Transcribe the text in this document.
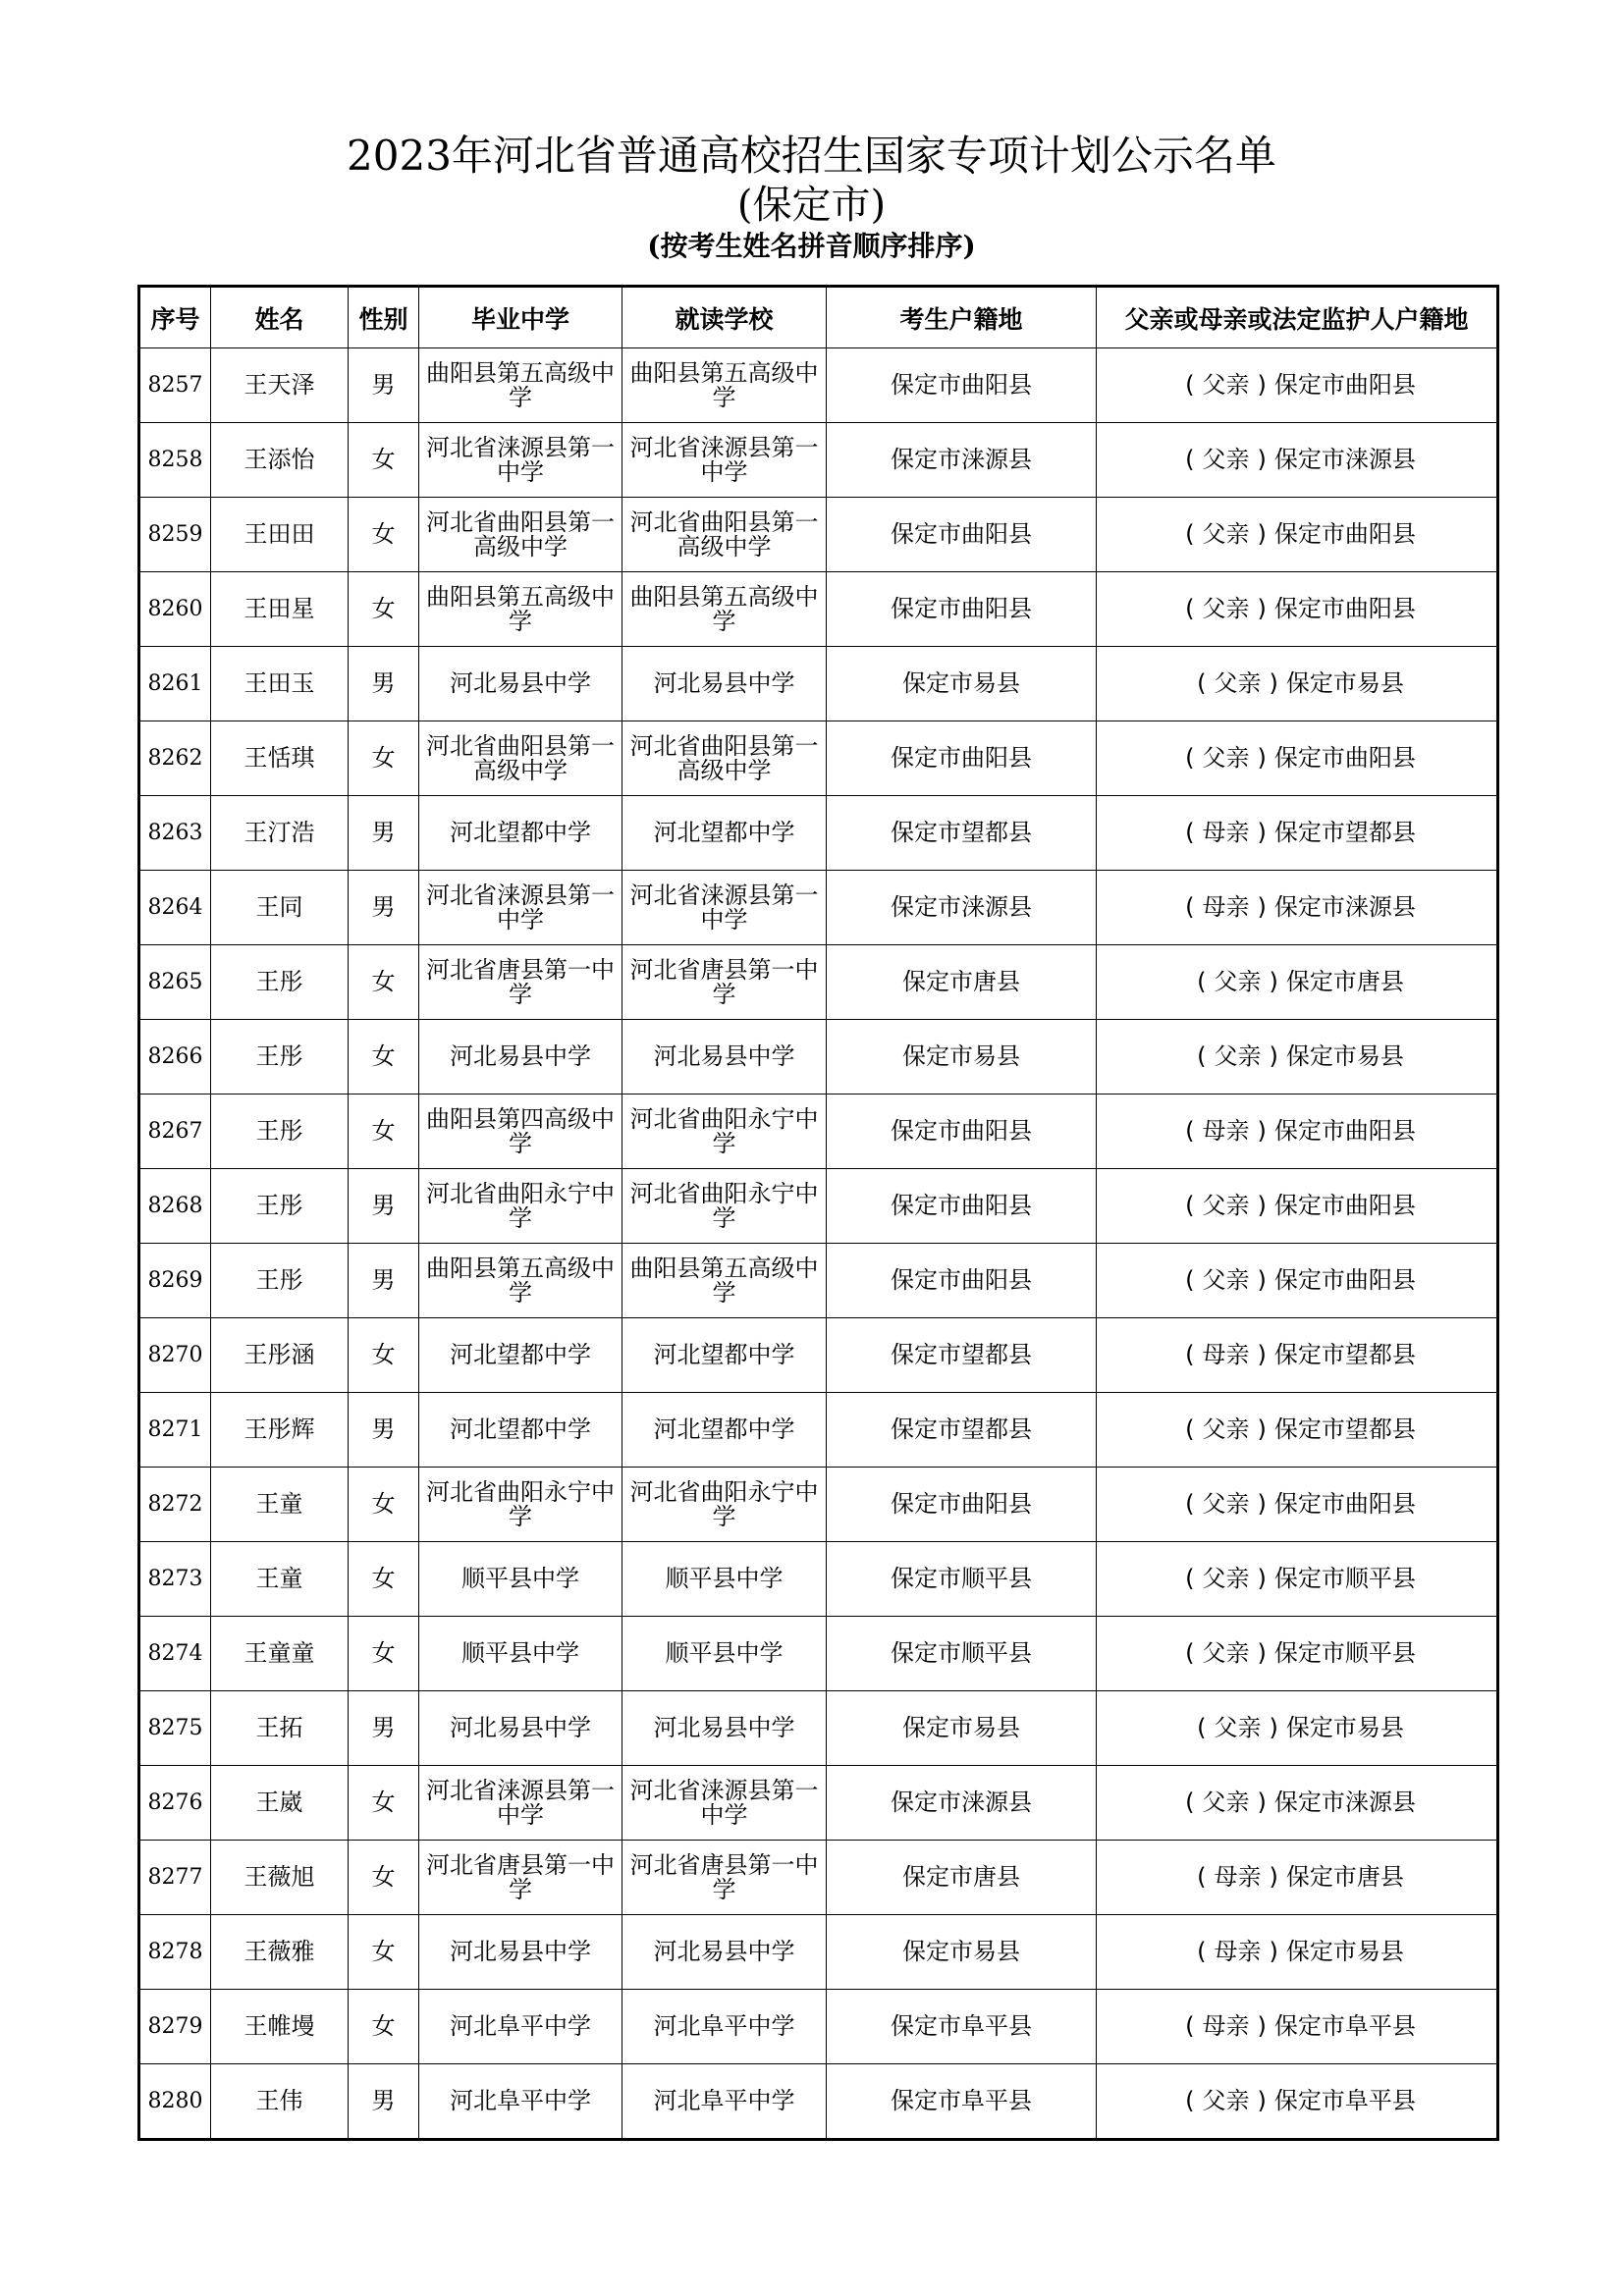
2023年河北省普通高校招生国家专项计划公示名单
(保定市)
(按考生姓名拼音顺序排序)
序号	姓名	性别	毕业中学	就读学校	考生户籍地	父亲或母亲或法定监护人户籍地
8257	王天泽	男	曲阳县第五高级中学	曲阳县第五高级中学	保定市曲阳县	( 父亲 ) 保定市曲阳县
8258	王添怡	女	河北省涞源县第一中学	河北省涞源县第一中学	保定市涞源县	( 父亲 ) 保定市涞源县
8259	王田田	女	河北省曲阳县第一高级中学	河北省曲阳县第一高级中学	保定市曲阳县	( 父亲 ) 保定市曲阳县
8260	王田星	女	曲阳县第五高级中学	曲阳县第五高级中学	保定市曲阳县	( 父亲 ) 保定市曲阳县
8261	王田玉	男	河北易县中学	河北易县中学	保定市易县	( 父亲 ) 保定市易县
8262	王恬琪	女	河北省曲阳县第一高级中学	河北省曲阳县第一高级中学	保定市曲阳县	( 父亲 ) 保定市曲阳县
8263	王汀浩	男	河北望都中学	河北望都中学	保定市望都县	( 母亲 ) 保定市望都县
8264	王同	男	河北省涞源县第一中学	河北省涞源县第一中学	保定市涞源县	( 母亲 ) 保定市涞源县
8265	王彤	女	河北省唐县第一中学	河北省唐县第一中学	保定市唐县	( 父亲 ) 保定市唐县
8266	王彤	女	河北易县中学	河北易县中学	保定市易县	( 父亲 ) 保定市易县
8267	王彤	女	曲阳县第四高级中学	河北省曲阳永宁中学	保定市曲阳县	( 母亲 ) 保定市曲阳县
8268	王彤	男	河北省曲阳永宁中学	河北省曲阳永宁中学	保定市曲阳县	( 父亲 ) 保定市曲阳县
8269	王彤	男	曲阳县第五高级中学	曲阳县第五高级中学	保定市曲阳县	( 父亲 ) 保定市曲阳县
8270	王彤涵	女	河北望都中学	河北望都中学	保定市望都县	( 母亲 ) 保定市望都县
8271	王彤辉	男	河北望都中学	河北望都中学	保定市望都县	( 父亲 ) 保定市望都县
8272	王童	女	河北省曲阳永宁中学	河北省曲阳永宁中学	保定市曲阳县	( 父亲 ) 保定市曲阳县
8273	王童	女	顺平县中学	顺平县中学	保定市顺平县	( 父亲 ) 保定市顺平县
8274	王童童	女	顺平县中学	顺平县中学	保定市顺平县	( 父亲 ) 保定市顺平县
8275	王拓	男	河北易县中学	河北易县中学	保定市易县	( 父亲 ) 保定市易县
8276	王崴	女	河北省涞源县第一中学	河北省涞源县第一中学	保定市涞源县	( 父亲 ) 保定市涞源县
8277	王薇旭	女	河北省唐县第一中学	河北省唐县第一中学	保定市唐县	( 母亲 ) 保定市唐县
8278	王薇雅	女	河北易县中学	河北易县中学	保定市易县	( 母亲 ) 保定市易县
8279	王帷墁	女	河北阜平中学	河北阜平中学	保定市阜平县	( 母亲 ) 保定市阜平县
8280	王伟	男	河北阜平中学	河北阜平中学	保定市阜平县	( 父亲 ) 保定市阜平县
